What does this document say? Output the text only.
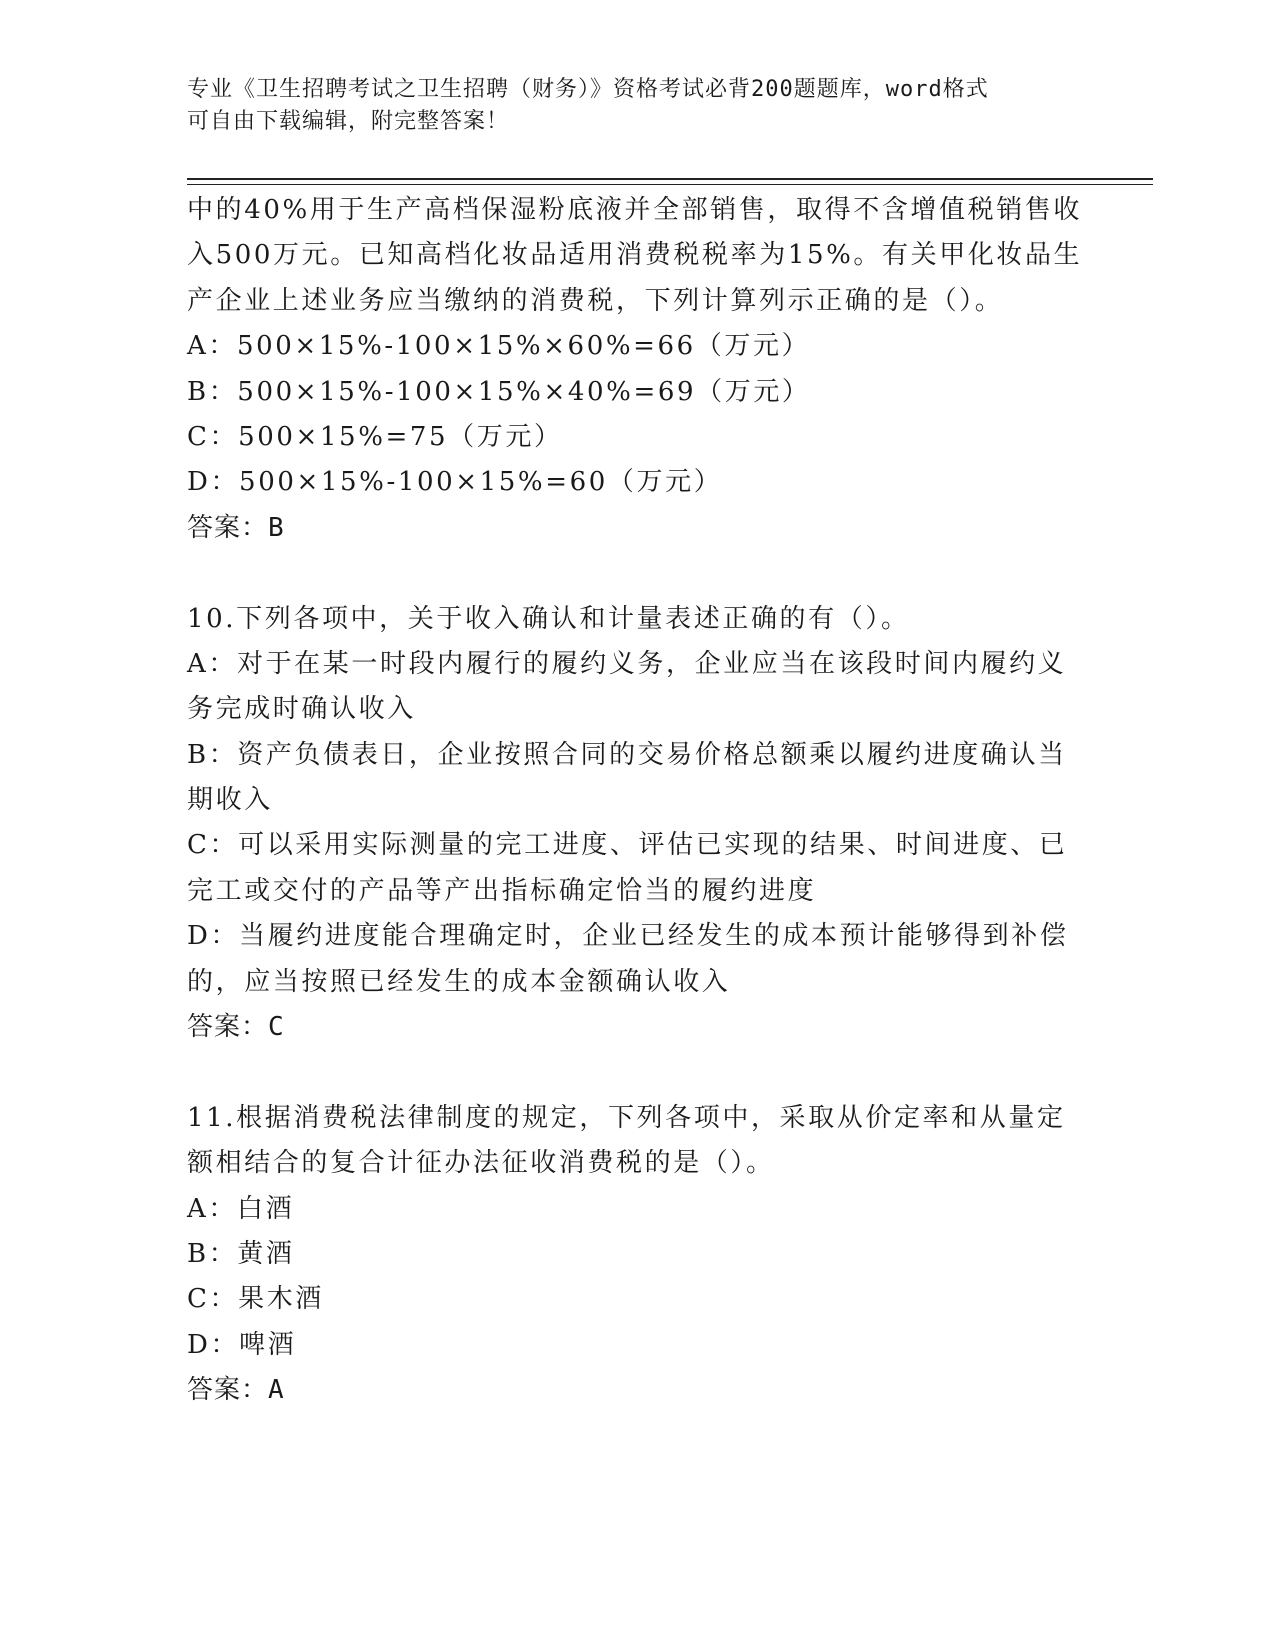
专业《卫生招聘考试之卫生招聘（财务）》资格考试必背200题题库，word格式
可自由下载编辑，附完整答案！
中的40%用于生产高档保湿粉底液并全部销售，取得不含增值税销售收
入500万元。已知高档化妆品适用消费税税率为15%。有关甲化妆品生
产企业上述业务应当缴纳的消费税，下列计算列示正确的是（）。
A：500×15%-100×15%×60%=66（万元）
B：500×15%-100×15%×40%=69（万元）
C：500×15%=75（万元）
D：500×15%-100×15%=60（万元）
答案：B
10.下列各项中，关于收入确认和计量表述正确的有（）。
A：对于在某一时段内履行的履约义务，企业应当在该段时间内履约义
务完成时确认收入
B：资产负债表日，企业按照合同的交易价格总额乘以履约进度确认当
期收入
C：可以采用实际测量的完工进度、评估已实现的结果、时间进度、已
完工或交付的产品等产出指标确定恰当的履约进度
D：当履约进度能合理确定时，企业已经发生的成本预计能够得到补偿
的，应当按照已经发生的成本金额确认收入
答案：C
11.根据消费税法律制度的规定，下列各项中，采取从价定率和从量定
额相结合的复合计征办法征收消费税的是（）。
A：白酒
B：黄酒
C：果木酒
D：啤酒
答案：A
